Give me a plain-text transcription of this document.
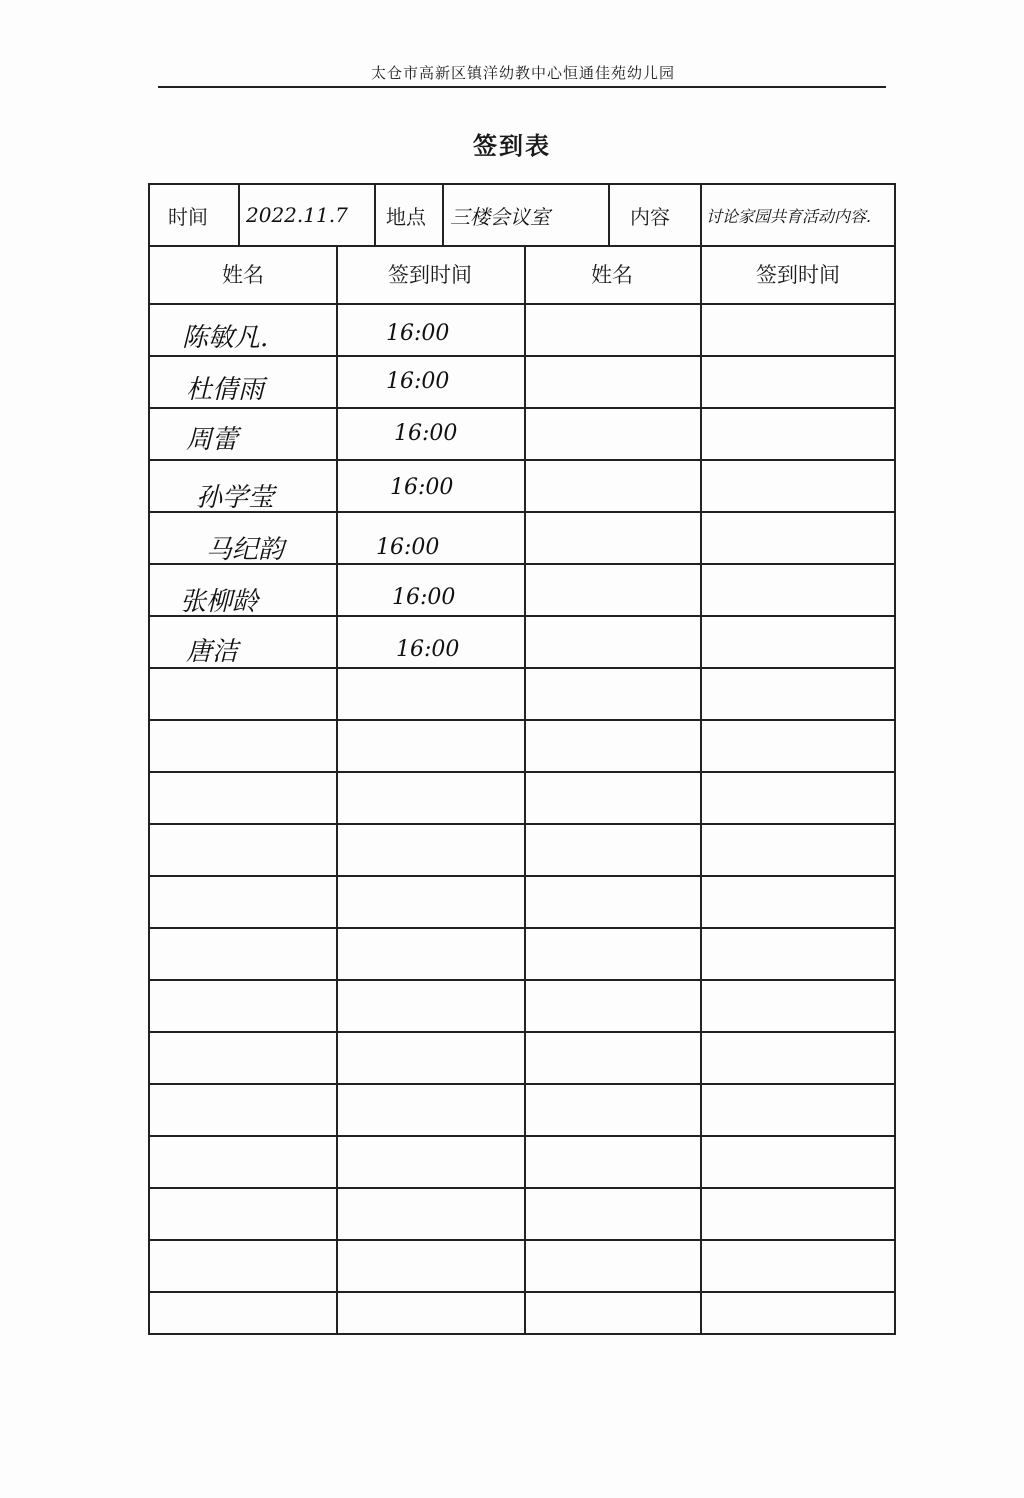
太仓市高新区镇洋幼教中心恒通佳苑幼儿园
签到表
时间 2022.11.7	地点 三楼会议室	内容 讨论家园共育活动内容.
姓名	签到时间	姓名	签到时间
陈敏凡.	16:00
杜倩雨	16:00
周蕾	16:00
孙学莹	16:00
马纪韵	16:00
张柳龄	16:00
唐洁	16:00
